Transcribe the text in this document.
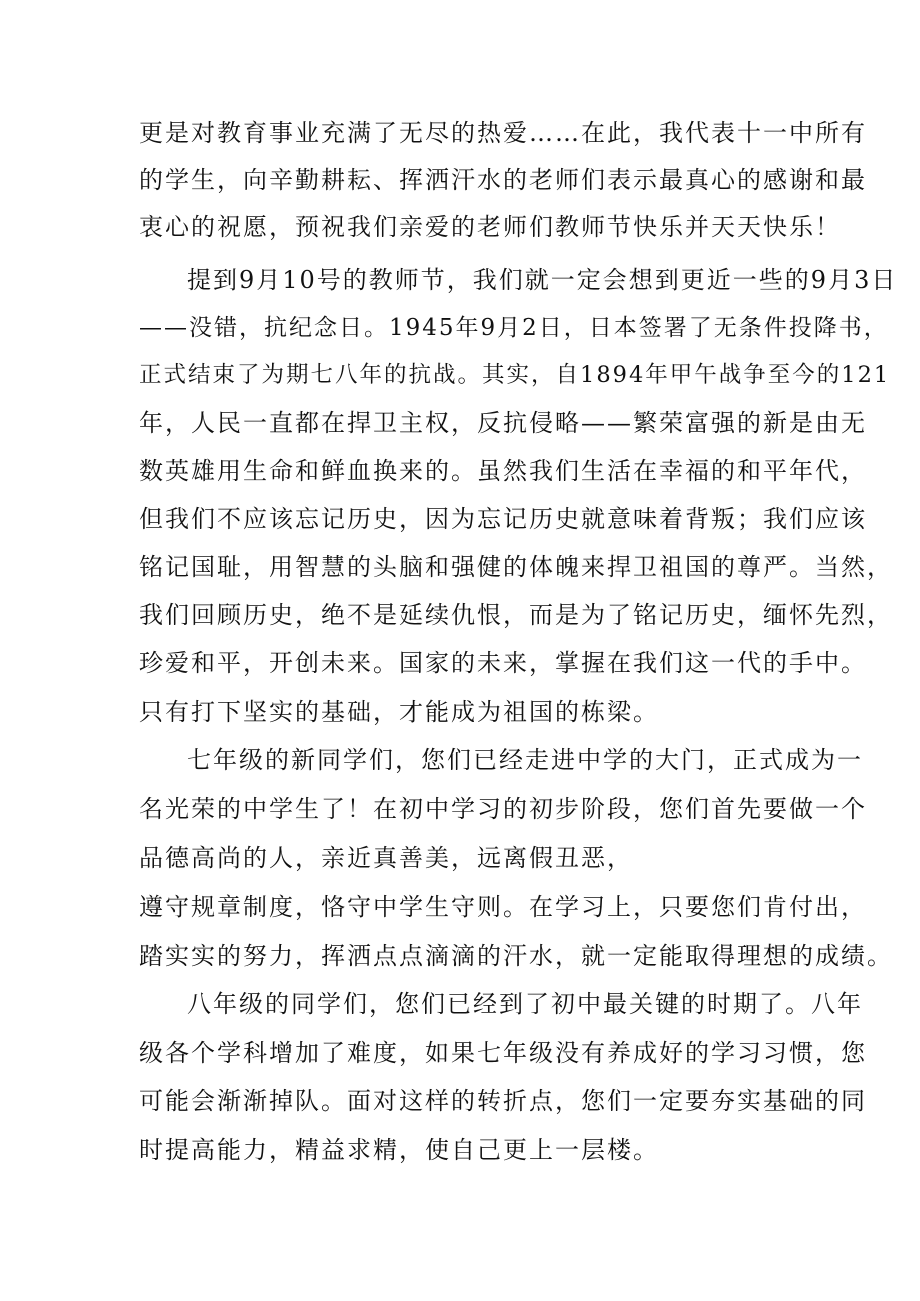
更是对教育事业充满了无尽的热爱……在此，我代表十一中所有
的学生，向辛勤耕耘、挥洒汗水的老师们表示最真心的感谢和最
衷心的祝愿，预祝我们亲爱的老师们教师节快乐并天天快乐！
提到9月10号的教师节，我们就一定会想到更近一些的9月3日
——没错，抗纪念日。1945年9月2日，日本签署了无条件投降书，
正式结束了为期七八年的抗战。其实，自1894年甲午战争至今的121
年，人民一直都在捍卫主权，反抗侵略——繁荣富强的新是由无
数英雄用生命和鲜血换来的。虽然我们生活在幸福的和平年代，
但我们不应该忘记历史，因为忘记历史就意味着背叛；我们应该
铭记国耻，用智慧的头脑和强健的体魄来捍卫祖国的尊严。当然，
我们回顾历史，绝不是延续仇恨，而是为了铭记历史，缅怀先烈，
珍爱和平，开创未来。国家的未来，掌握在我们这一代的手中。
只有打下坚实的基础，才能成为祖国的栋梁。
七年级的新同学们，您们已经走进中学的大门，正式成为一
名光荣的中学生了！在初中学习的初步阶段，您们首先要做一个
品德高尚的人，亲近真善美，远离假丑恶，
遵守规章制度，恪守中学生守则。在学习上，只要您们肯付出，
踏实实的努力，挥洒点点滴滴的汗水，就一定能取得理想的成绩。
八年级的同学们，您们已经到了初中最关键的时期了。八年
级各个学科增加了难度，如果七年级没有养成好的学习习惯，您
可能会渐渐掉队。面对这样的转折点，您们一定要夯实基础的同
时提高能力，精益求精，使自己更上一层楼。
